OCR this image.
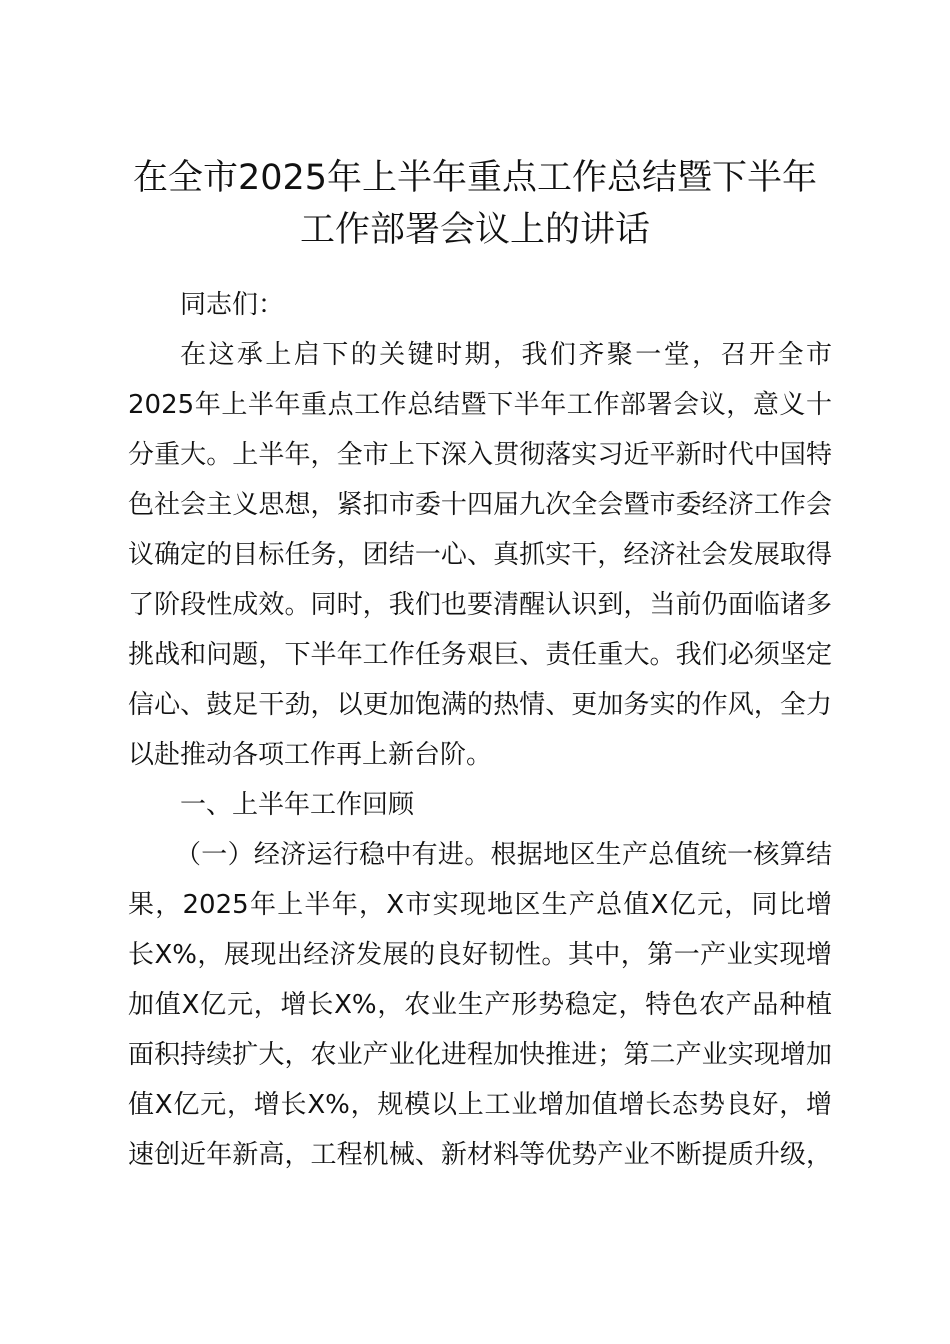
在全市2025年上半年重点工作总结暨下半年
工作部署会议上的讲话

同志们：

在这承上启下的关键时期，我们齐聚一堂，召开全市

2025年上半年重点工作总结暨下半年工作部署会议，意义十

分重大。上半年，全市上下深入贯彻落实习近平新时代中国特

色社会主义思想，紧扣市委十四届九次全会暨市委经济工作会

议确定的目标任务，团结一心、真抓实干，经济社会发展取得

了阶段性成效。同时，我们也要清醒认识到，当前仍面临诸多

挑战和问题，下半年工作任务艰巨、责任重大。我们必须坚定

信心、鼓足干劲，以更加饱满的热情、更加务实的作风，全力

以赴推动各项工作再上新台阶。

一、上半年工作回顾

（一）经济运行稳中有进。根据地区生产总值统一核算结

果，2025年上半年，X市实现地区生产总值X亿元，同比增

长X%，展现出经济发展的良好韧性。其中，第一产业实现增

加值X亿元，增长X%，农业生产形势稳定，特色农产品种植

面积持续扩大，农业产业化进程加快推进；第二产业实现增加

值X亿元，增长X%，规模以上工业增加值增长态势良好，增

速创近年新高，工程机械、新材料等优势产业不断提质升级，
